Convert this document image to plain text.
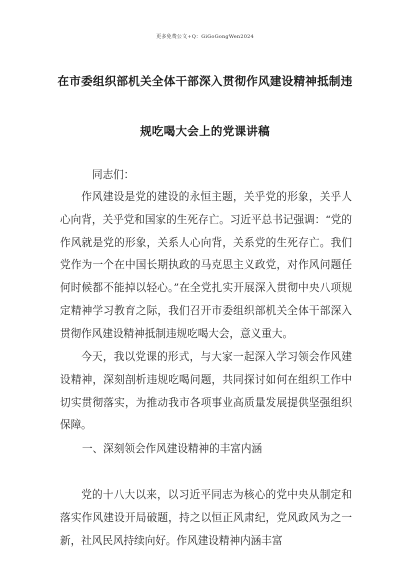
更多免费公文+Q：GiGoGongWen2024
在市委组织部机关全体干部深入贯彻作风建设精神抵制违
规吃喝大会上的党课讲稿
同志们：
作风建设是党的建设的永恒主题，关乎党的形象，关乎人心向背，关乎党和国家的生死存亡。习近平总书记强调：“党的作风就是党的形象，关系人心向背，关系党的生死存亡。我们党作为一个在中国长期执政的马克思主义政党，对作风问题任何时候都不能掉以轻心。”在全党扎实开展深入贯彻中央八项规定精神学习教育之际，我们召开市委组织部机关全体干部深入贯彻作风建设精神抵制违规吃喝大会，意义重大。
今天，我以党课的形式，与大家一起深入学习领会作风建设精神，深刻剖析违规吃喝问题，共同探讨如何在组织工作中切实贯彻落实，为推动我市各项事业高质量发展提供坚强组织保障。
一、深刻领会作风建设精神的丰富内涵
党的十八大以来，以习近平同志为核心的党中央从制定和落实作风建设开局破题，持之以恒正风肃纪，党风政风为之一新，社风民风持续向好。作风建设精神内涵丰富
